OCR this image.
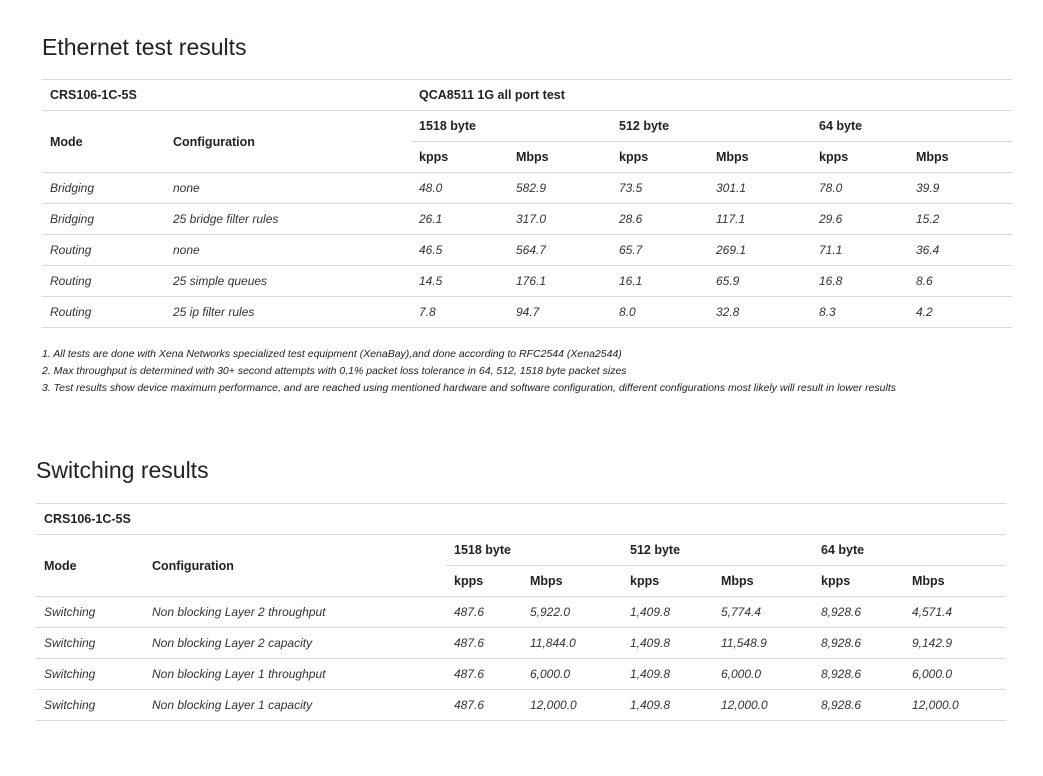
Ethernet test results
CRS106-1C-5S		QCA8511 1G all port test					
Mode	Configuration	1518 byte		512 byte		64 byte	
		kpps	Mbps	kpps	Mbps	kpps	Mbps
Bridging	none	48.0	582.9	73.5	301.1	78.0	39.9
Bridging	25 bridge filter rules	26.1	317.0	28.6	117.1	29.6	15.2
Routing	none	46.5	564.7	65.7	269.1	71.1	36.4
Routing	25 simple queues	14.5	176.1	16.1	65.9	16.8	8.6
Routing	25 ip filter rules	7.8	94.7	8.0	32.8	8.3	4.2
1. All tests are done with Xena Networks specialized test equipment (XenaBay),and done according to RFC2544 (Xena2544)
2. Max throughput is determined with 30+ second attempts with 0,1% packet loss tolerance in 64, 512, 1518 byte packet sizes
3. Test results show device maximum performance, and are reached using mentioned hardware and software configuration, different configurations most likely will result in lower results
Switching results
CRS106-1C-5S							
Mode	Configuration	1518 byte		512 byte		64 byte	
		kpps	Mbps	kpps	Mbps	kpps	Mbps
Switching	Non blocking Layer 2 throughput	487.6	5,922.0	1,409.8	5,774.4	8,928.6	4,571.4
Switching	Non blocking Layer 2 capacity	487.6	11,844.0	1,409.8	11,548.9	8,928.6	9,142.9
Switching	Non blocking Layer 1 throughput	487.6	6,000.0	1,409.8	6,000.0	8,928.6	6,000.0
Switching	Non blocking Layer 1 capacity	487.6	12,000.0	1,409.8	12,000.0	8,928.6	12,000.0
